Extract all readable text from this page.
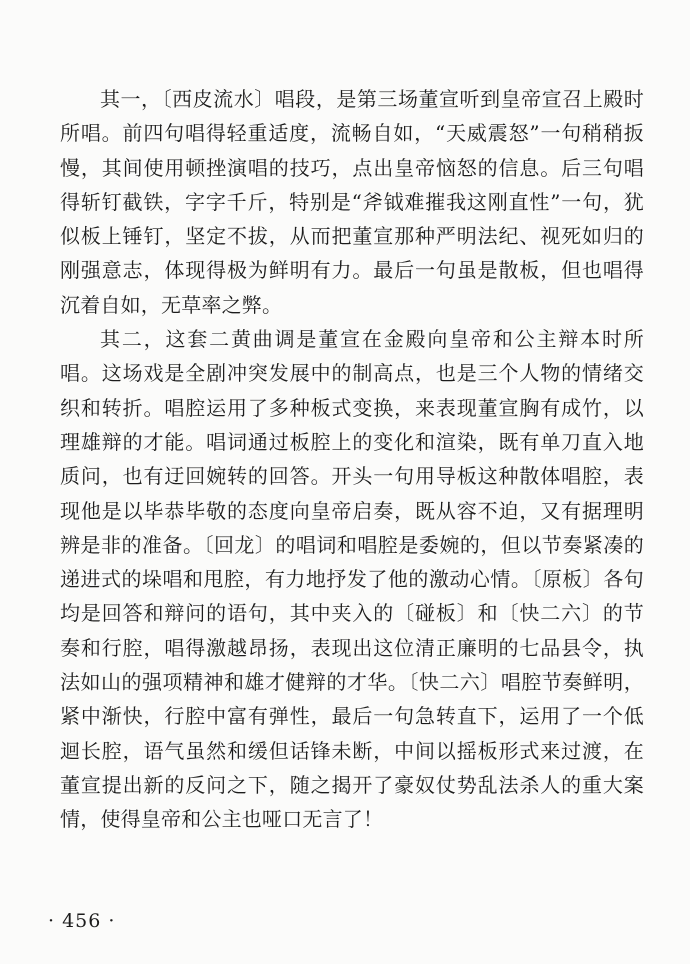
其一，〔西皮流水〕唱段，是第三场董宣听到皇帝宣召上殿时所唱。前四句唱得轻重适度，流畅自如，“天威震怒”一句稍稍扳慢，其间使用顿挫演唱的技巧，点出皇帝恼怒的信息。后三句唱得斩钉截铁，字字千斤，特别是“斧钺难摧我这刚直性”一句，犹似板上锤钉，坚定不拔，从而把董宣那种严明法纪、视死如归的刚强意志，体现得极为鲜明有力。最后一句虽是散板，但也唱得沉着自如，无草率之弊。

其二，这套二黄曲调是董宣在金殿向皇帝和公主辩本时所唱。这场戏是全剧冲突发展中的制高点，也是三个人物的情绪交织和转折。唱腔运用了多种板式变换，来表现董宣胸有成竹，以理雄辩的才能。唱词通过板腔上的变化和渲染，既有单刀直入地质问，也有迂回婉转的回答。开头一句用导板这种散体唱腔，表现他是以毕恭毕敬的态度向皇帝启奏，既从容不迫，又有据理明辨是非的准备。〔回龙〕的唱词和唱腔是委婉的，但以节奏紧凑的递进式的垛唱和甩腔，有力地抒发了他的激动心情。〔原板〕各句均是回答和辩问的语句，其中夹入的〔碰板〕和〔快二六〕的节奏和行腔，唱得激越昂扬，表现出这位清正廉明的七品县令，执法如山的强项精神和雄才健辩的才华。〔快二六〕唱腔节奏鲜明，紧中渐快，行腔中富有弹性，最后一句急转直下，运用了一个低迴长腔，语气虽然和缓但话锋未断，中间以摇板形式来过渡，在董宣提出新的反问之下，随之揭开了豪奴仗势乱法杀人的重大案情，使得皇帝和公主也哑口无言了！

· 456 ·
